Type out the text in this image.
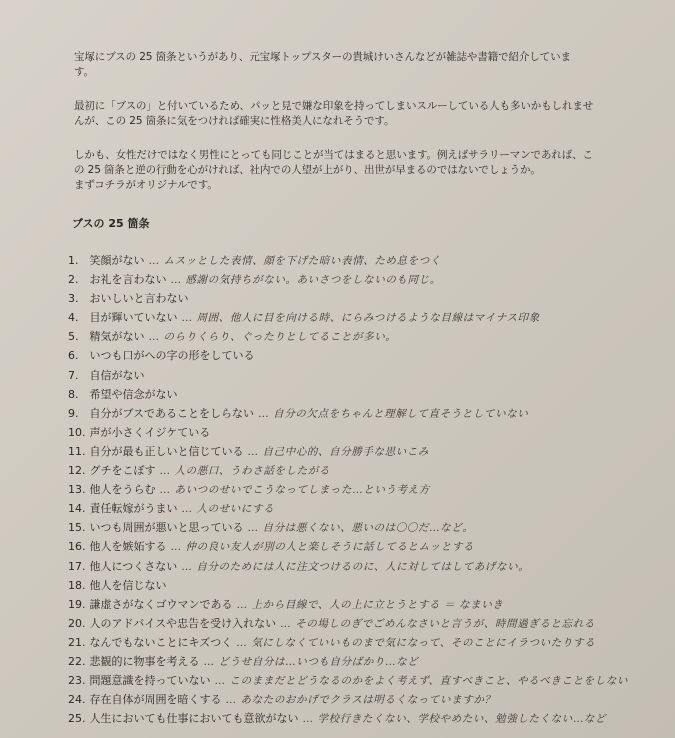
宝塚にブスの 25 箇条というがあり、元宝塚トップスターの貴城けいさんなどが雑誌や書籍で紹介していま
す。

最初に「ブスの」と付いているため、パッと見で嫌な印象を持ってしまいスルーしている人も多いかもしれませ
んが、この 25 箇条に気をつければ確実に性格美人になれそうです。

しかも、女性だけではなく男性にとっても同じことが当てはまると思います。例えばサラリーマンであれば、こ
の 25 箇条と逆の行動を心がければ、社内での人望が上がり、出世が早まるのではないでしょうか。
まずコチラがオリジナルです。

ブスの 25 箇条
1. 笑顔がない … ムスッとした表情、顔を下げた暗い表情、ため息をつく
2. お礼を言わない … 感謝の気持ちがない。あいさつをしないのも同じ。
3. おいしいと言わない
4. 目が輝いていない … 周囲、他人に目を向ける時、にらみつけるような目線はマイナス印象
5. 精気がない … のらりくらり、ぐったりとしてることが多い。
6. いつも口がへの字の形をしている
7. 自信がない
8. 希望や信念がない
9. 自分がブスであることをしらない … 自分の欠点をちゃんと理解して直そうとしていない
10. 声が小さくイジケている
11. 自分が最も正しいと信じている … 自己中心的、自分勝手な思いこみ
12. グチをこぼす … 人の悪口、うわさ話をしたがる
13. 他人をうらむ … あいつのせいでこうなってしまった…という考え方
14. 責任転嫁がうまい … 人のせいにする
15. いつも周囲が悪いと思っている … 自分は悪くない、悪いのは〇〇だ…など。
16. 他人を嫉妬する … 仲の良い友人が別の人と楽しそうに話してるとムッとする
17. 他人につくさない … 自分のためには人に注文つけるのに、人に対してはしてあげない。
18. 他人を信じない
19. 謙虚さがなくゴウマンである … 上から目線で、人の上に立とうとする ＝ なまいき
20. 人のアドバイスや忠告を受け入れない … その場しのぎでごめんなさいと言うが、時間過ぎると忘れる
21. なんでもないことにキズつく … 気にしなくていいものまで気になって、そのことにイラついたりする
22. 悲観的に物事を考える … どうせ自分は…いつも自分ばかり…など
23. 問題意識を持っていない … このままだとどうなるのかをよく考えず、直すべきこと、やるべきことをしない
24. 存在自体が周囲を暗くする … あなたのおかげでクラスは明るくなっていますか？
25. 人生においても仕事においても意欲がない … 学校行きたくない、学校やめたい、勉強したくない…など
